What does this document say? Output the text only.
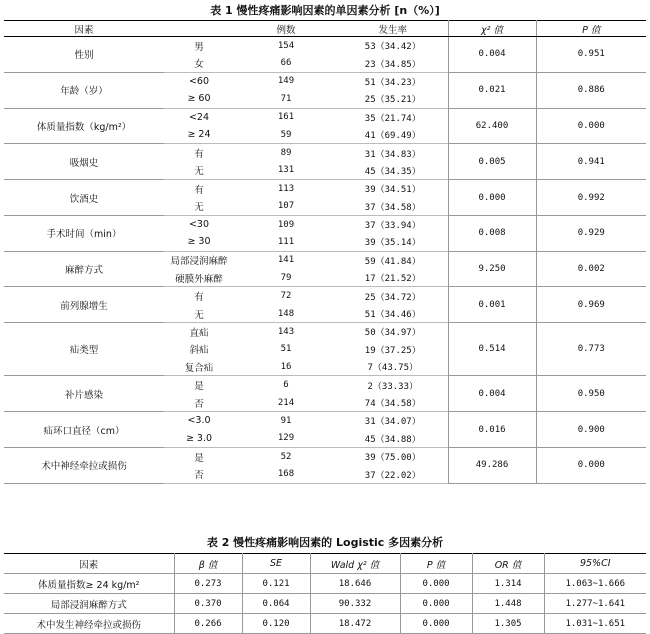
表 1 慢性疼痛影响因素的单因素分析 [n（%）]
因素		例数	发生率	χ² 值	P 值
性别	男	154	53（34.42）	0.004	0.951
	女	66	23（34.85）		
年龄（岁）	<60	149	51（34.23）	0.021	0.886
	≥ 60	71	25（35.21）		
体质量指数（kg/m²）	<24	161	35（21.74）	62.400	0.000
	≥ 24	59	41（69.49）		
吸烟史	有	89	31（34.83）	0.005	0.941
	无	131	45（34.35）		
饮酒史	有	113	39（34.51）	0.000	0.992
	无	107	37（34.58）		
手术时间（min）	<30	109	37（33.94）	0.008	0.929
	≥ 30	111	39（35.14）		
麻醉方式	局部浸润麻醉	141	59（41.84）	9.250	0.002
	硬膜外麻醉	79	17（21.52）		
前列腺增生	有	72	25（34.72）	0.001	0.969
	无	148	51（34.46）		
疝类型	直疝	143	50（34.97）	0.514	0.773
	斜疝	51	19（37.25）		
	复合疝	16	7（43.75）		
补片感染	是	6	2（33.33）	0.004	0.950
	否	214	74（34.58）		
疝环口直径（cm）	<3.0	91	31（34.07）	0.016	0.900
	≥ 3.0	129	45（34.88）		
术中神经牵拉或损伤	是	52	39（75.00）	49.286	0.000
	否	168	37（22.02）		
表 2 慢性疼痛影响因素的 Logistic 多因素分析
因素	β 值	SE	Wald χ² 值	P 值	OR 值	95%CI
体质量指数≥ 24 kg/m²	0.273	0.121	18.646	0.000	1.314	1.063~1.666
局部浸润麻醉方式	0.370	0.064	90.332	0.000	1.448	1.277~1.641
术中发生神经牵拉或损伤	0.266	0.120	18.472	0.000	1.305	1.031~1.651
